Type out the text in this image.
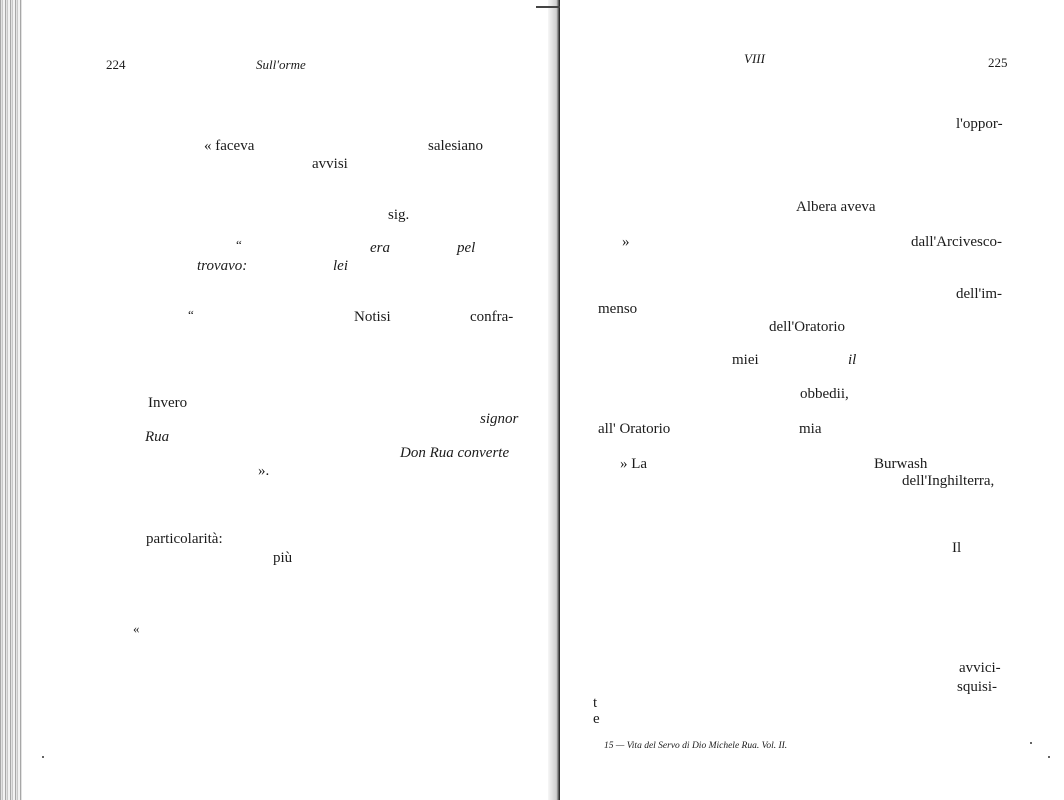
224	Sull'orme
« faceva	salesiano
avvisi
sig.
“	era	pel
trovavo:	lei
“	Notisi	confra-
Invero
signor
Rua
Don Rua converte
».
particolarità:
più
«
VIII	225
l'oppor-
Albera aveva
»	dall'Arcivesco-
dell'im-
menso
dell'Oratorio
miei	il
obbedii,
all' Oratorio	mia
» La	Burwash
dell'Inghilterra,
Il
avvici-
squisi-
t
e
15 — Vita del Servo di Dio Michele Rua. Vol. II.
